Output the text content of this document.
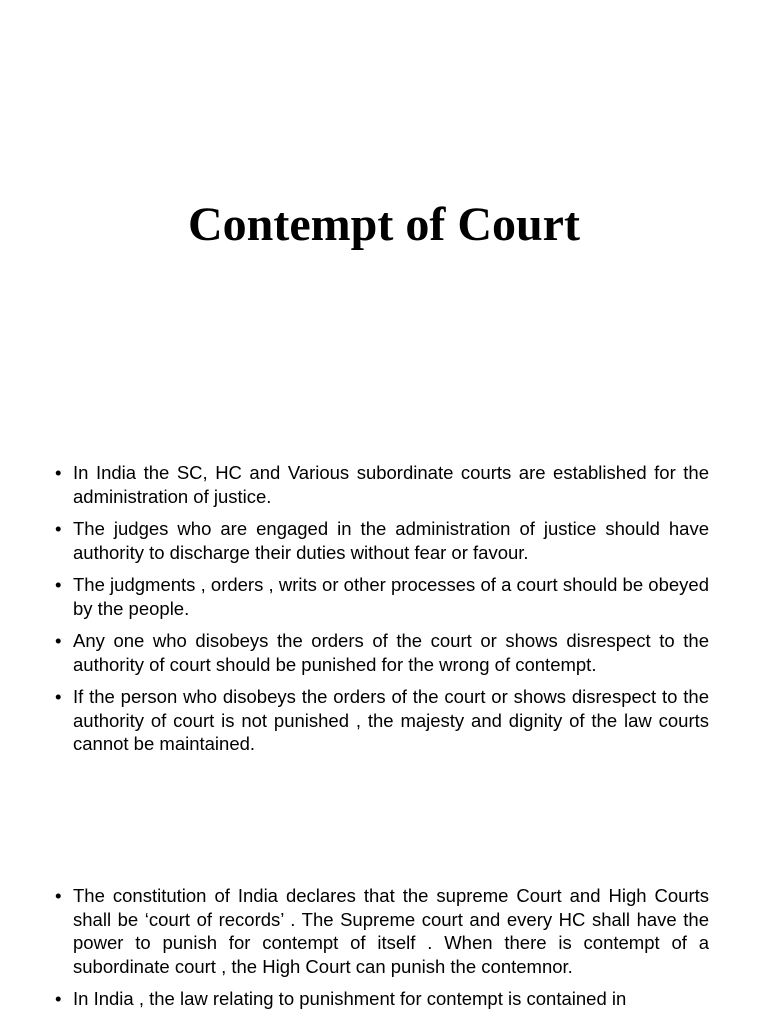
Contempt of Court
• In India the SC, HC and Various subordinate courts are established for the administration of justice.
• The judges who are engaged in the administration of justice should have authority to discharge their duties without fear or favour.
• The judgments , orders , writs or other processes of a court should be obeyed by the people.
• Any one who disobeys the orders of the court or shows disrespect to the authority of court should be punished for the wrong of contempt.
• If the person who disobeys the orders of the court or shows disrespect to the authority of court is not punished , the majesty and dignity of the law courts cannot be maintained.
• The constitution of India declares that the supreme Court and High Courts shall be ‘court of records’ . The Supreme court and every HC shall have the power to punish for contempt of itself . When there is contempt of a subordinate court , the High Court can punish the contemnor.
• In India , the law relating to punishment for contempt is contained in
